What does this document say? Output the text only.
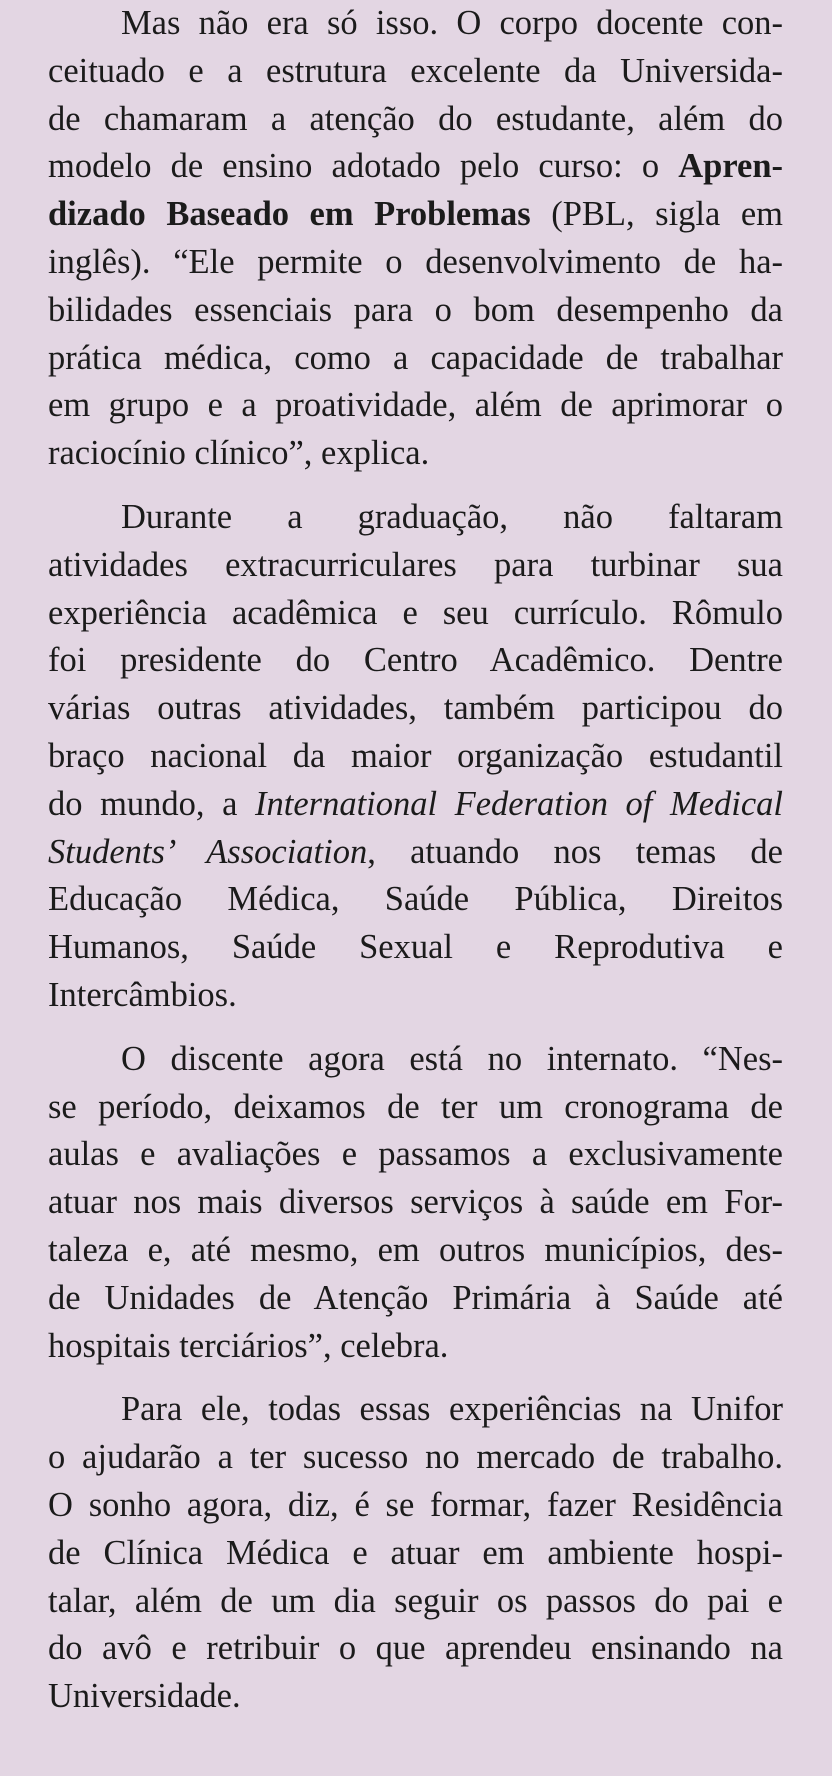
Mas não era só isso. O corpo docente con-
ceituado e a estrutura excelente da Universida-
de chamaram a atenção do estudante, além do
modelo de ensino adotado pelo curso: o Apren-
dizado Baseado em Problemas (PBL, sigla em
inglês). “Ele permite o desenvolvimento de ha-
bilidades essenciais para o bom desempenho da
prática médica, como a capacidade de trabalhar
em grupo e a proatividade, além de aprimorar o
raciocínio clínico”, explica.
Durante a graduação, não faltaram
atividades extracurriculares para turbinar sua
experiência acadêmica e seu currículo. Rômulo
foi presidente do Centro Acadêmico. Dentre
várias outras atividades, também participou do
braço nacional da maior organização estudantil
do mundo, a International Federation of Medical
Students’ Association, atuando nos temas de
Educação Médica, Saúde Pública, Direitos
Humanos, Saúde Sexual e Reprodutiva e
Intercâmbios.
O discente agora está no internato. “Nes-
se período, deixamos de ter um cronograma de
aulas e avaliações e passamos a exclusivamente
atuar nos mais diversos serviços à saúde em For-
taleza e, até mesmo, em outros municípios, des-
de Unidades de Atenção Primária à Saúde até
hospitais terciários”, celebra.
Para ele, todas essas experiências na Unifor
o ajudarão a ter sucesso no mercado de trabalho.
O sonho agora, diz, é se formar, fazer Residência
de Clínica Médica e atuar em ambiente hospi-
talar, além de um dia seguir os passos do pai e
do avô e retribuir o que aprendeu ensinando na
Universidade.
